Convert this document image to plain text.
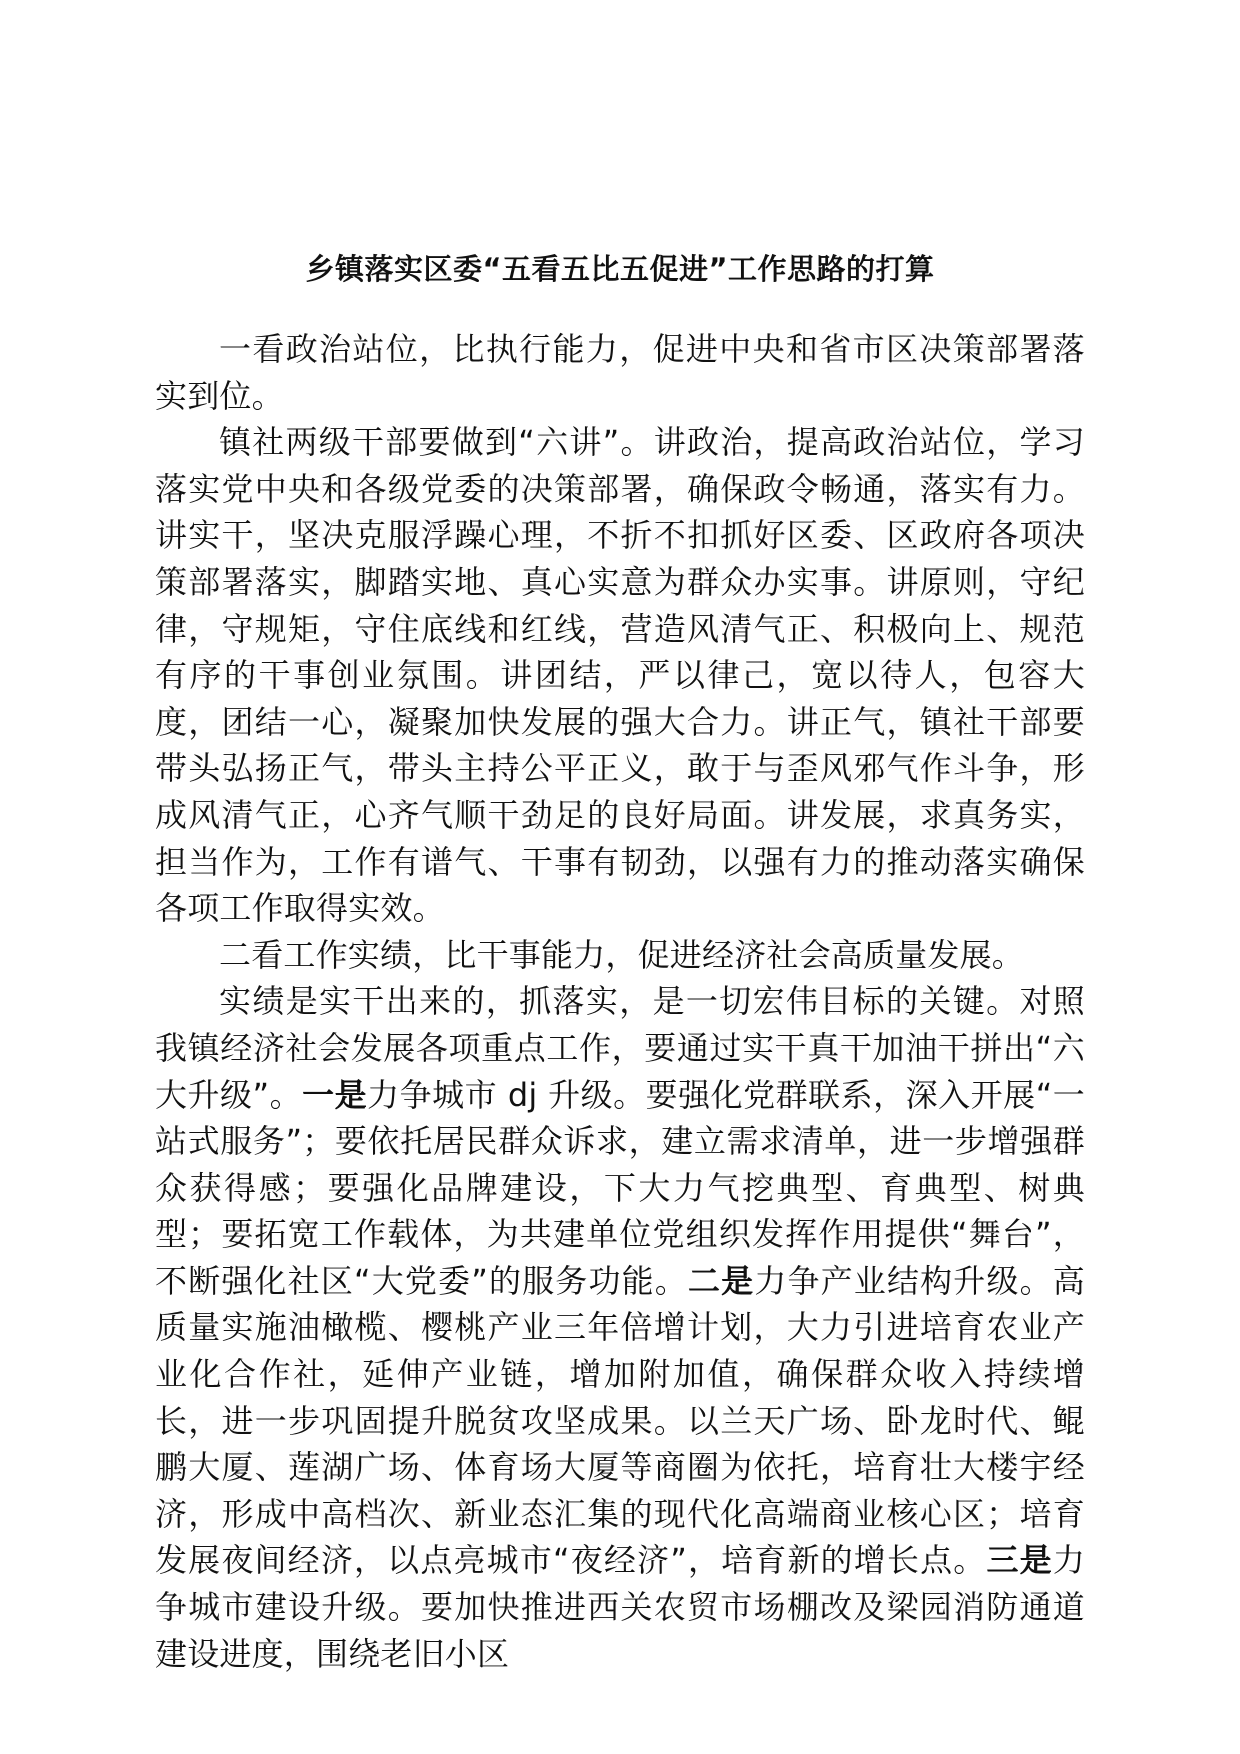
乡镇落实区委“五看五比五促进”工作思路的打算

一看政治站位，比执行能力，促进中央和省市区决策部署落实到位。

镇社两级干部要做到“六讲”。讲政治，提高政治站位，学习落实党中央和各级党委的决策部署，确保政令畅通，落实有力。讲实干，坚决克服浮躁心理，不折不扣抓好区委、区政府各项决策部署落实，脚踏实地、真心实意为群众办实事。讲原则，守纪律，守规矩，守住底线和红线，营造风清气正、积极向上、规范有序的干事创业氛围。讲团结，严以律己，宽以待人，包容大度，团结一心，凝聚加快发展的强大合力。讲正气，镇社干部要带头弘扬正气，带头主持公平正义，敢于与歪风邪气作斗争，形成风清气正，心齐气顺干劲足的良好局面。讲发展，求真务实，担当作为，工作有谱气、干事有韧劲，以强有力的推动落实确保各项工作取得实效。

二看工作实绩，比干事能力，促进经济社会高质量发展。

实绩是实干出来的，抓落实，是一切宏伟目标的关键。对照我镇经济社会发展各项重点工作，要通过实干真干加油干拼出“六大升级”。一是力争城市 dj 升级。要强化党群联系，深入开展“一站式服务”；要依托居民群众诉求，建立需求清单，进一步增强群众获得感；要强化品牌建设，下大力气挖典型、育典型、树典型；要拓宽工作载体，为共建单位党组织发挥作用提供“舞台”，不断强化社区“大党委”的服务功能。二是力争产业结构升级。高质量实施油橄榄、樱桃产业三年倍增计划，大力引进培育农业产业化合作社，延伸产业链，增加附加值，确保群众收入持续增长，进一步巩固提升脱贫攻坚成果。以兰天广场、卧龙时代、鲲鹏大厦、莲湖广场、体育场大厦等商圈为依托，培育壮大楼宇经济，形成中高档次、新业态汇集的现代化高端商业核心区；培育发展夜间经济，以点亮城市“夜经济”，培育新的增长点。三是力争城市建设升级。要加快推进西关农贸市场棚改及梁园消防通道建设进度，围绕老旧小区
